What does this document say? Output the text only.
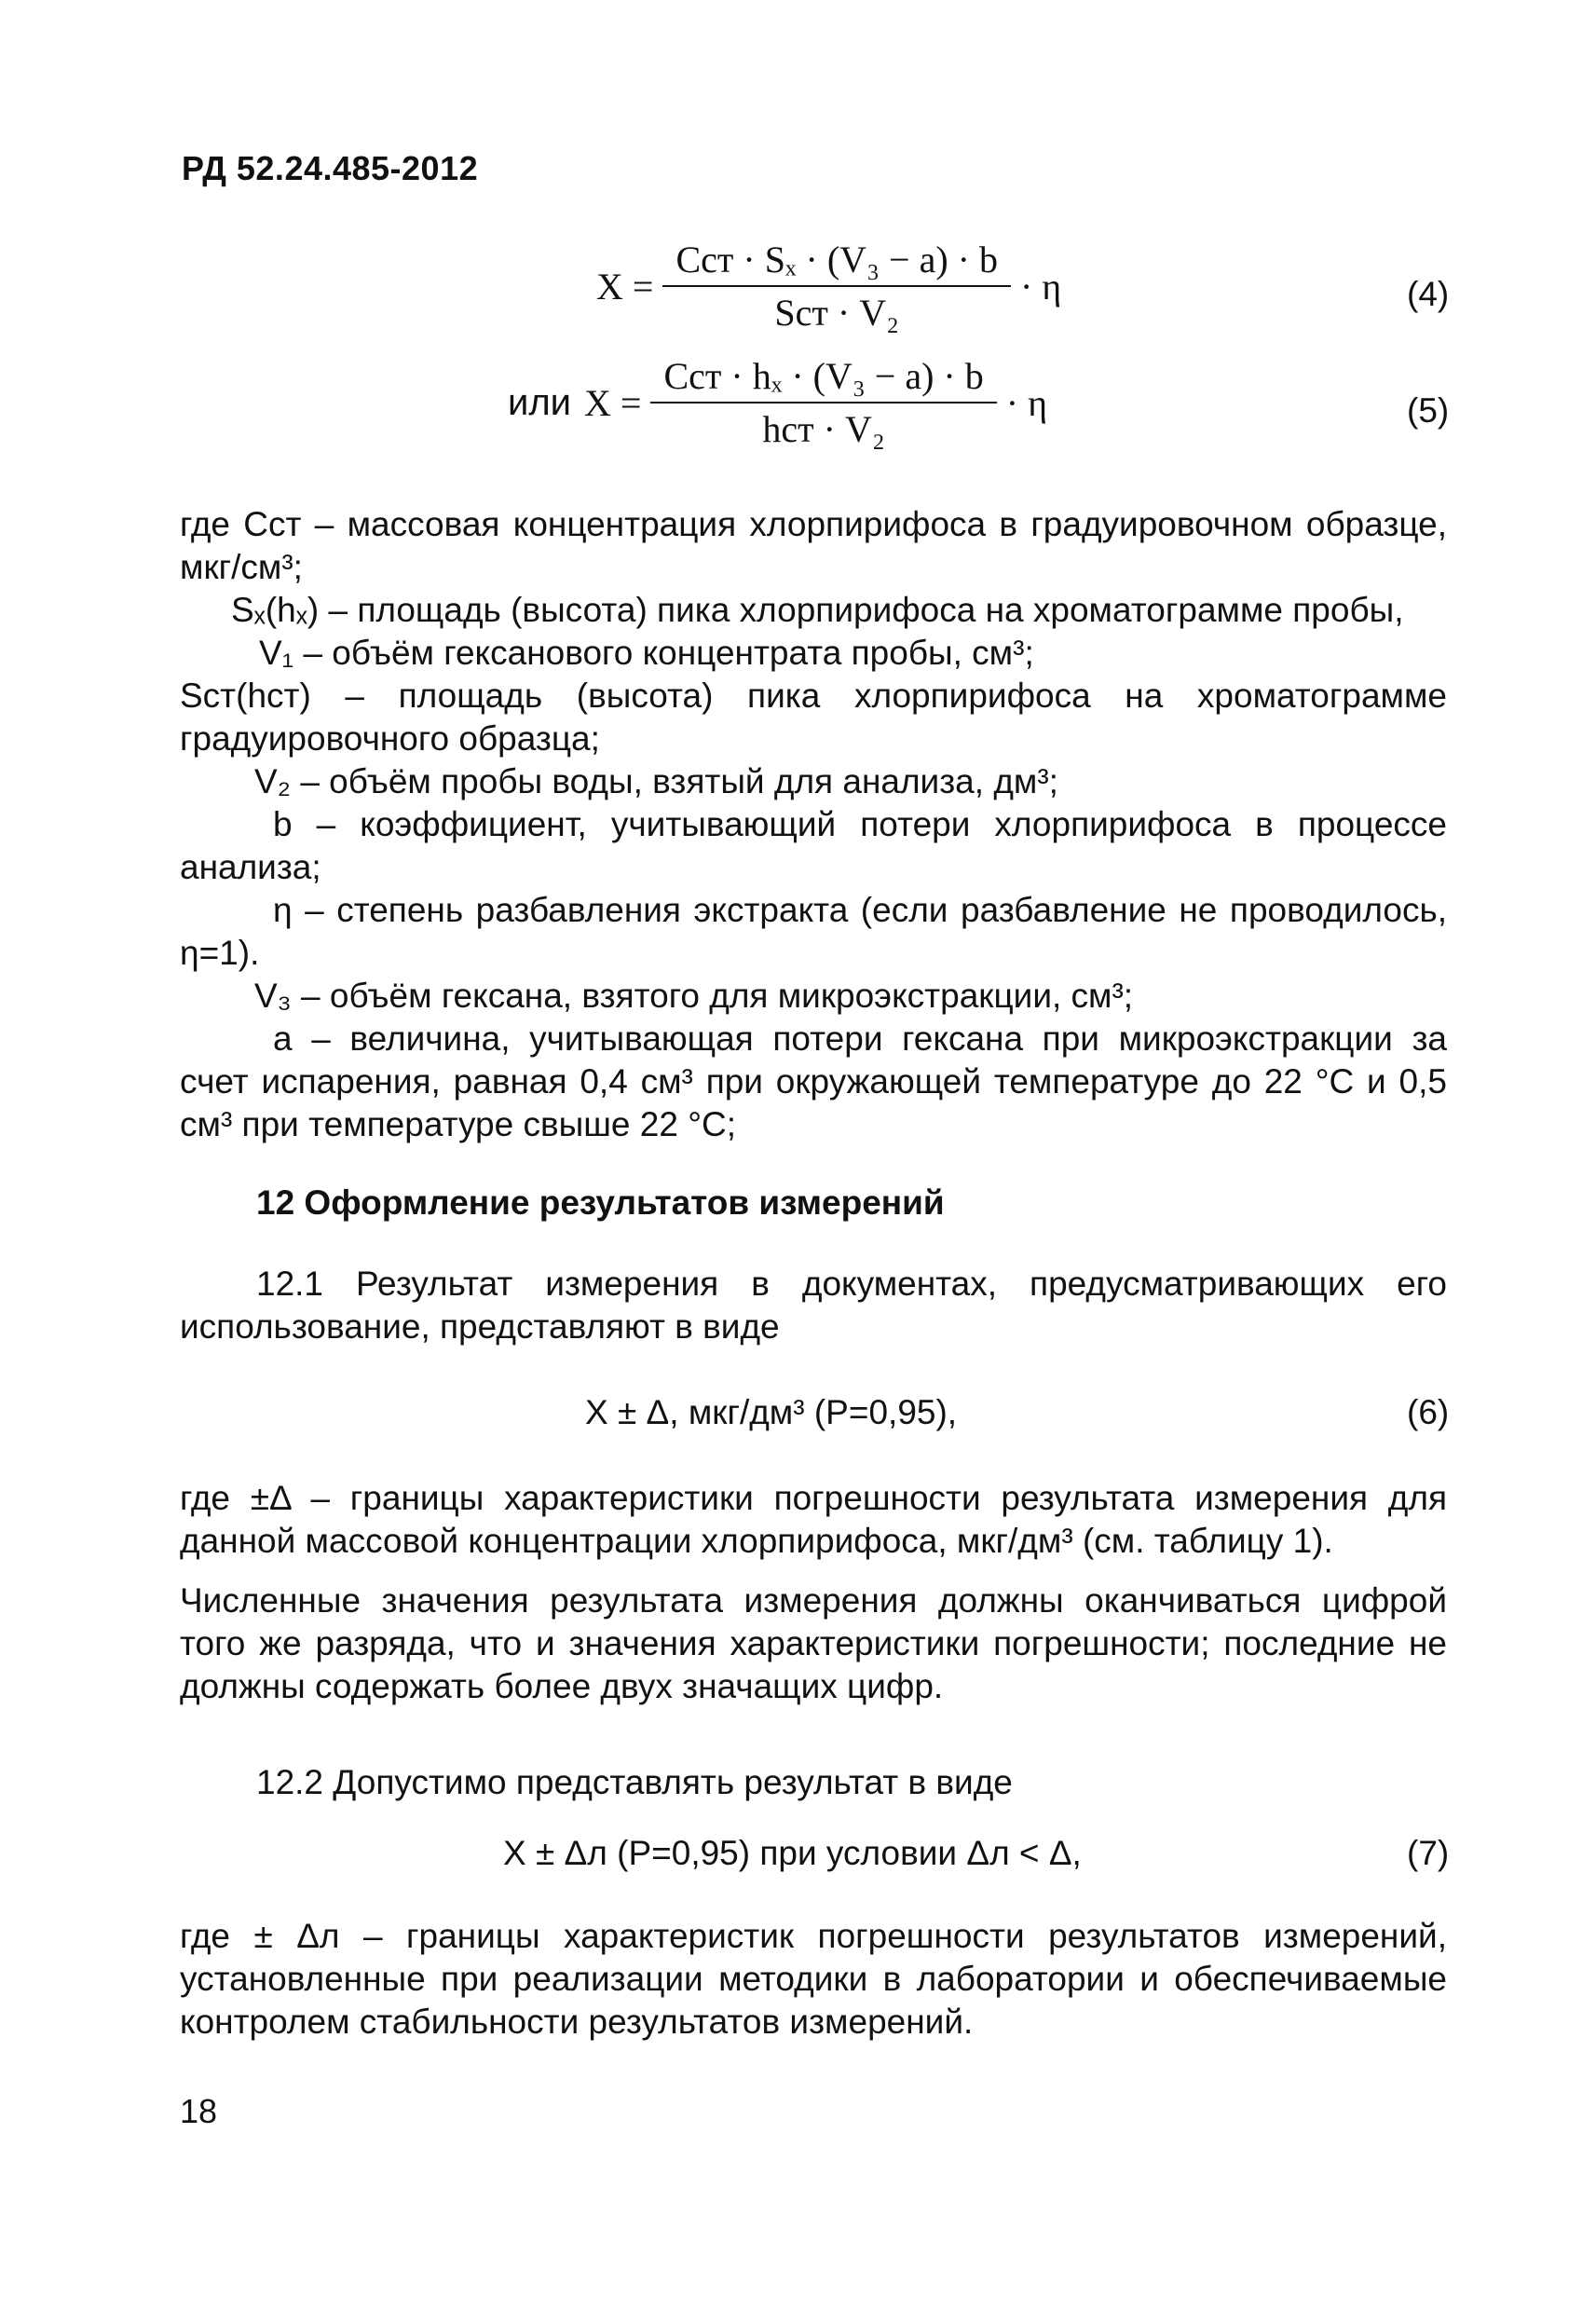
РД 52.24.485-2012
$X = \frac{\text{Cст · Sₓ · (V₃ − a) · b}}{\text{Sст · V₂}} \cdot \eta$	(4)
или $X = \frac{\text{Cст · hₓ · (V₃ − a) · b}}{\text{hст · V₂}} \cdot \eta$	(5)

где Cст – массовая концентрация хлорпирифоса в градуировочном образце, мкг/см³;

Sₓ(hₓ) – площадь (высота) пика хлорпирифоса на хроматограмме пробы,

V₁ – объём гексанового концентрата пробы, см³;

Sст(hст) – площадь (высота) пика хлорпирифоса на хроматограмме градуировочного образца;

V₂ – объём пробы воды, взятый для анализа, дм³;

b – коэффициент, учитывающий потери хлорпирифоса в процессе анализа;

η – степень разбавления экстракта (если разбавление не проводилось, η=1).

V₃ – объём гексана, взятого для микроэкстракции, см³;

а – величина, учитывающая потери гексана при микроэкстракции за счет испарения, равная 0,4 см³ при окружающей температуре до 22 °С и 0,5 см³ при температуре свыше 22 °С;

12 Оформление результатов измерений

12.1 Результат измерения в документах, предусматривающих его использование, представляют в виде

X ± Δ, мкг/дм³ (Р=0,95),	(6)

где ±Δ – границы характеристики погрешности результата измерения для данной массовой концентрации хлорпирифоса, мкг/дм³ (см. таблицу 1).

Численные значения результата измерения должны оканчиваться цифрой того же разряда, что и значения характеристики погрешности; последние не должны содержать более двух значащих цифр.

12.2 Допустимо представлять результат в виде

X ± Δл (Р=0,95) при условии Δл < Δ,	(7)

где ± Δл – границы характеристик погрешности результатов измерений, установленные при реализации методики в лаборатории и обеспечиваемые контролем стабильности результатов измерений.

18
